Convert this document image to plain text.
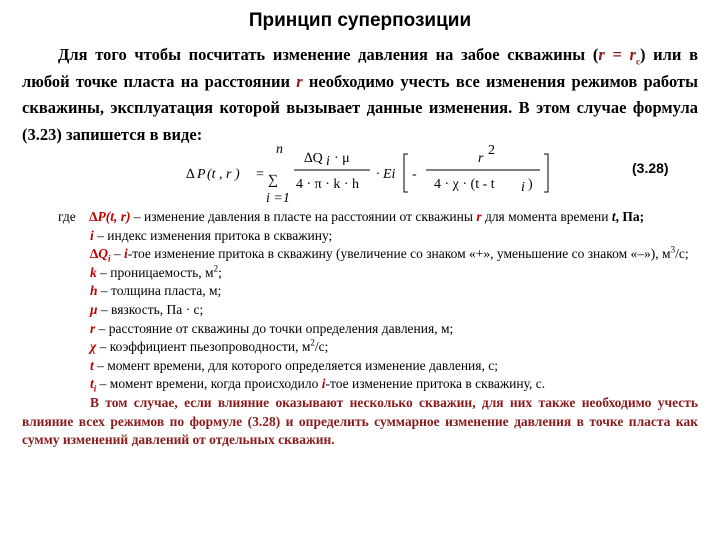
Принцип суперпозиции
Для того чтобы посчитать изменение давления на забое скважины $(r = r_c)$ или в любой точке пласта на расстоянии r необходимо учесть все изменения режимов работы скважины, эксплуатация которой вызывает данные изменения. В этом случае формула (3.23) запишется в виде:
∆ P (t , r ) =
n
∑
i =1
∆Q i · μ
4 · π · k · h
· Ei -
r
2
4 · χ · (t - t i )
(3.28)

где ∆P(t, r) – изменение давления в пласте на расстоянии от скважины r для момента времени t, Па;

i – индекс изменения притока в скважину;

$\Delta Q_i - i-тое$ изменение притока в скважину (увеличение со знаком «+», уменьшение со знаком «–»), $м^3/с$;

k – проницаемость, $м^2$;

h – толщина пласта, м;

μ – вязкость, Па · с;

r – расстояние от скважины до точки определения давления, м;

χ – коэффициент пьезопроводности, $м^2/с$;

t – момент времени, для которого определяется изменение давления, с;

$t_i$ – момент времени, когда происходило i-тое изменение притока в скважину, с.

В том случае, если влияние оказывают несколько скважин, для них также необходимо учесть влияние всех режимов по формуле (3.28) и определить суммарное изменение давления в точке пласта как сумму изменений давлений от отдельных скважин.
